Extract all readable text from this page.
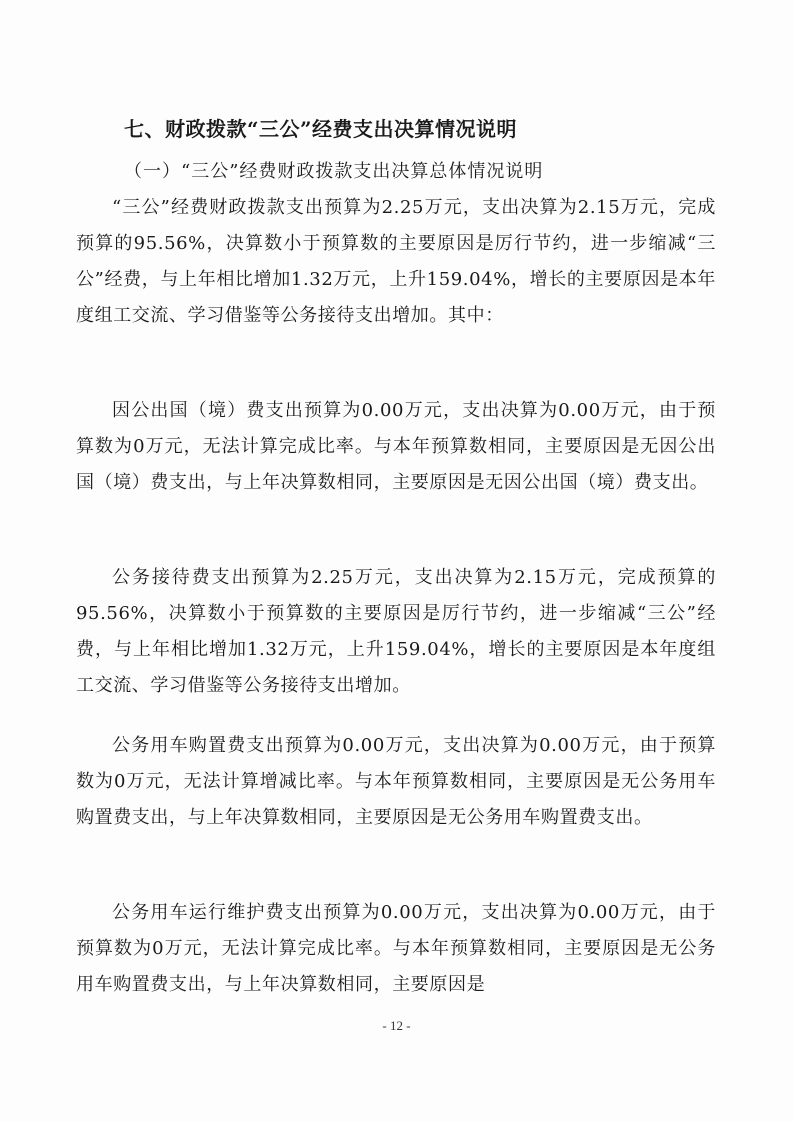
七、财政拨款“三公”经费支出决算情况说明
（一）“三公”经费财政拨款支出决算总体情况说明

“三公”经费财政拨款支出预算为2.25万元，支出决算为2.15万元，完成预算的95.56%，决算数小于预算数的主要原因是厉行节约，进一步缩减“三公”经费，与上年相比增加1.32万元，上升159.04%，增长的主要原因是本年度组工交流、学习借鉴等公务接待支出增加。其中：

因公出国（境）费支出预算为0.00万元，支出决算为0.00万元，由于预算数为0万元，无法计算完成比率。与本年预算数相同，主要原因是无因公出国（境）费支出，与上年决算数相同，主要原因是无因公出国（境）费支出。

公务接待费支出预算为2.25万元，支出决算为2.15万元，完成预算的95.56%，决算数小于预算数的主要原因是厉行节约，进一步缩减“三公”经费，与上年相比增加1.32万元，上升159.04%，增长的主要原因是本年度组工交流、学习借鉴等公务接待支出增加。

公务用车购置费支出预算为0.00万元，支出决算为0.00万元，由于预算数为0万元，无法计算增减比率。与本年预算数相同，主要原因是无公务用车购置费支出，与上年决算数相同，主要原因是无公务用车购置费支出。

公务用车运行维护费支出预算为0.00万元，支出决算为0.00万元，由于预算数为0万元，无法计算完成比率。与本年预算数相同，主要原因是无公务用车购置费支出，与上年决算数相同，主要原因是

- 12 -
